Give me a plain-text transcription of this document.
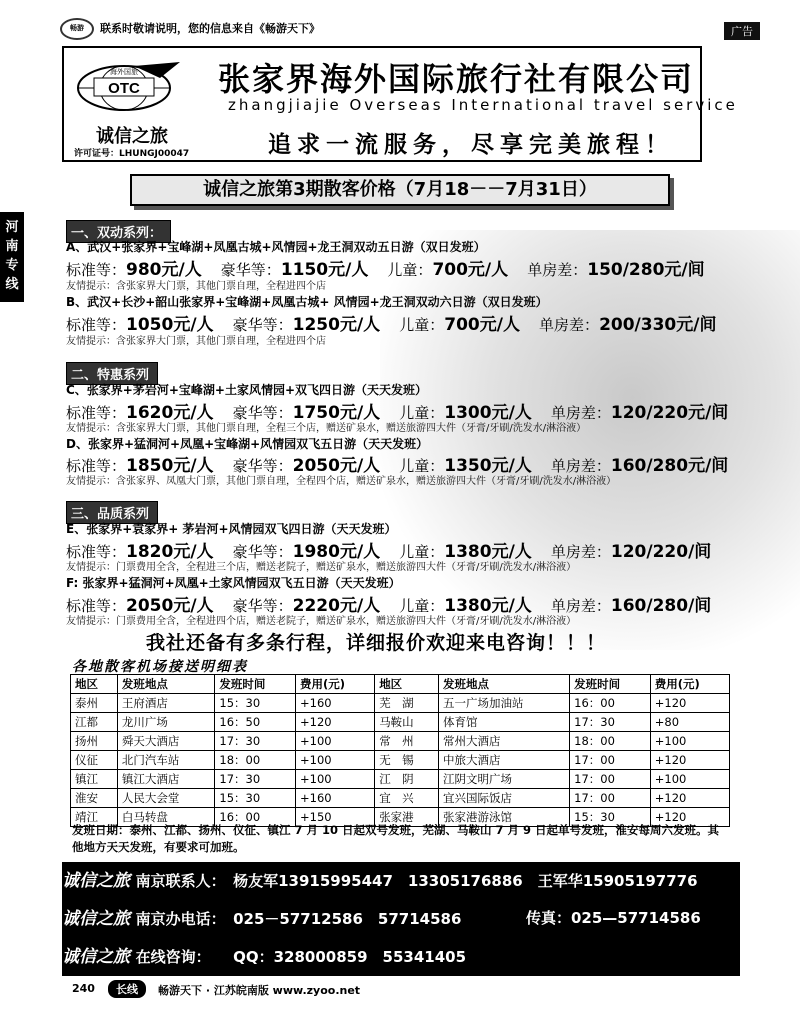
畅游	联系时敬请说明，您的信息来自《畅游天下》	广告
OTC
海外国旅	张家界海外国际旅行社有限公司
zhangjiajie Overseas International travel service
诚信之旅
许可证号：LHUNGJ00047	追求一流服务，尽享完美旅程！
诚信之旅第3期散客价格（7月18－－7月31日）
河南专线
一、双动系列：
A、武汉+张家界+宝峰湖+凤凰古城+风情园+龙王洞双动五日游（双日发班）
标准等：980元/人 豪华等：1150元/人 儿童：700元/人 单房差：150/280元/间
友情提示：含张家界大门票，其他门票自理，全程进四个店
B、武汉+长沙+韶山张家界+宝峰湖+凤凰古城+ 风情园+龙王洞双动六日游（双日发班）
标准等：1050元/人 豪华等：1250元/人 儿童：700元/人 单房差：200/330元/间
友情提示：含张家界大门票，其他门票自理，全程进四个店
二、特惠系列
C、张家界+茅岩河+宝峰湖+土家风情园+双飞四日游（天天发班）
标准等：1620元/人 豪华等：1750元/人 儿童：1300元/人 单房差：120/220元/间
友情提示：含张家界大门票，其他门票自理，全程三个店，赠送矿泉水，赠送旅游四大件（牙膏/牙刷/洗发水/淋浴液）
D、张家界+猛洞河+凤凰+宝峰湖+风情园双飞五日游（天天发班）
标准等：1850元/人 豪华等：2050元/人 儿童：1350元/人 单房差：160/280元/间
友情提示：含张家界、凤凰大门票，其他门票自理，全程四个店，赠送矿泉水，赠送旅游四大件（牙膏/牙刷/洗发水/淋浴液）
三、品质系列
E、张家界+袁家界+ 茅岩河+风情园双飞四日游（天天发班）
标准等：1820元/人 豪华等：1980元/人 儿童：1380元/人 单房差：120/220/间
友情提示：门票费用全含，全程进三个店，赠送老院子，赠送矿泉水，赠送旅游四大件（牙膏/牙刷/洗发水/淋浴液）
F: 张家界+猛洞河+凤凰+土家风情园双飞五日游（天天发班）
标准等：2050元/人 豪华等：2220元/人 儿童：1380元/人 单房差：160/280/间
友情提示：门票费用全含，全程进四个店，赠送老院子，赠送矿泉水，赠送旅游四大件（牙膏/牙刷/洗发水/淋浴液）
我社还备有多条行程，详细报价欢迎来电咨询！！！
各地散客机场接送明细表
地区	发班地点	发班时间	费用(元)	地区	发班地点	发班时间	费用(元)
泰州	王府酒店	15：30	+160	芜　湖	五一广场加油站	16：00	+120
江都	龙川广场	16：50	+120	马鞍山	体育馆	17：30	+80
扬州	舜天大酒店	17：30	+100	常　州	常州大酒店	18：00	+100
仪征	北门汽车站	18：00	+100	无　锡	中旅大酒店	17：00	+120
镇江	镇江大酒店	17：30	+100	江　阴	江阴文明广场	17：00	+100
淮安	人民大会堂	15：30	+160	宜　兴	宜兴国际饭店	17：00	+120
靖江	白马转盘	16：00	+150	张家港	张家港游泳馆	15：30	+120
发班日期：泰州、江都、扬州、仪征、镇江 7 月 10 日起双号发班，芜湖、马鞍山 7 月 9 日起单号发班，淮安每周六发班。其他地方天天发班，有要求可加班。
诚信之旅 南京联系人：　杨友军13915995447　13305176886　王军华15905197776
诚信之旅 南京办电话：　025－57712586　57714586	传真：025—57714586
诚信之旅 在线咨询：　　QQ：328000859　55341405
240	长线	畅游天下 · 江苏皖南版 www.zyoo.net
